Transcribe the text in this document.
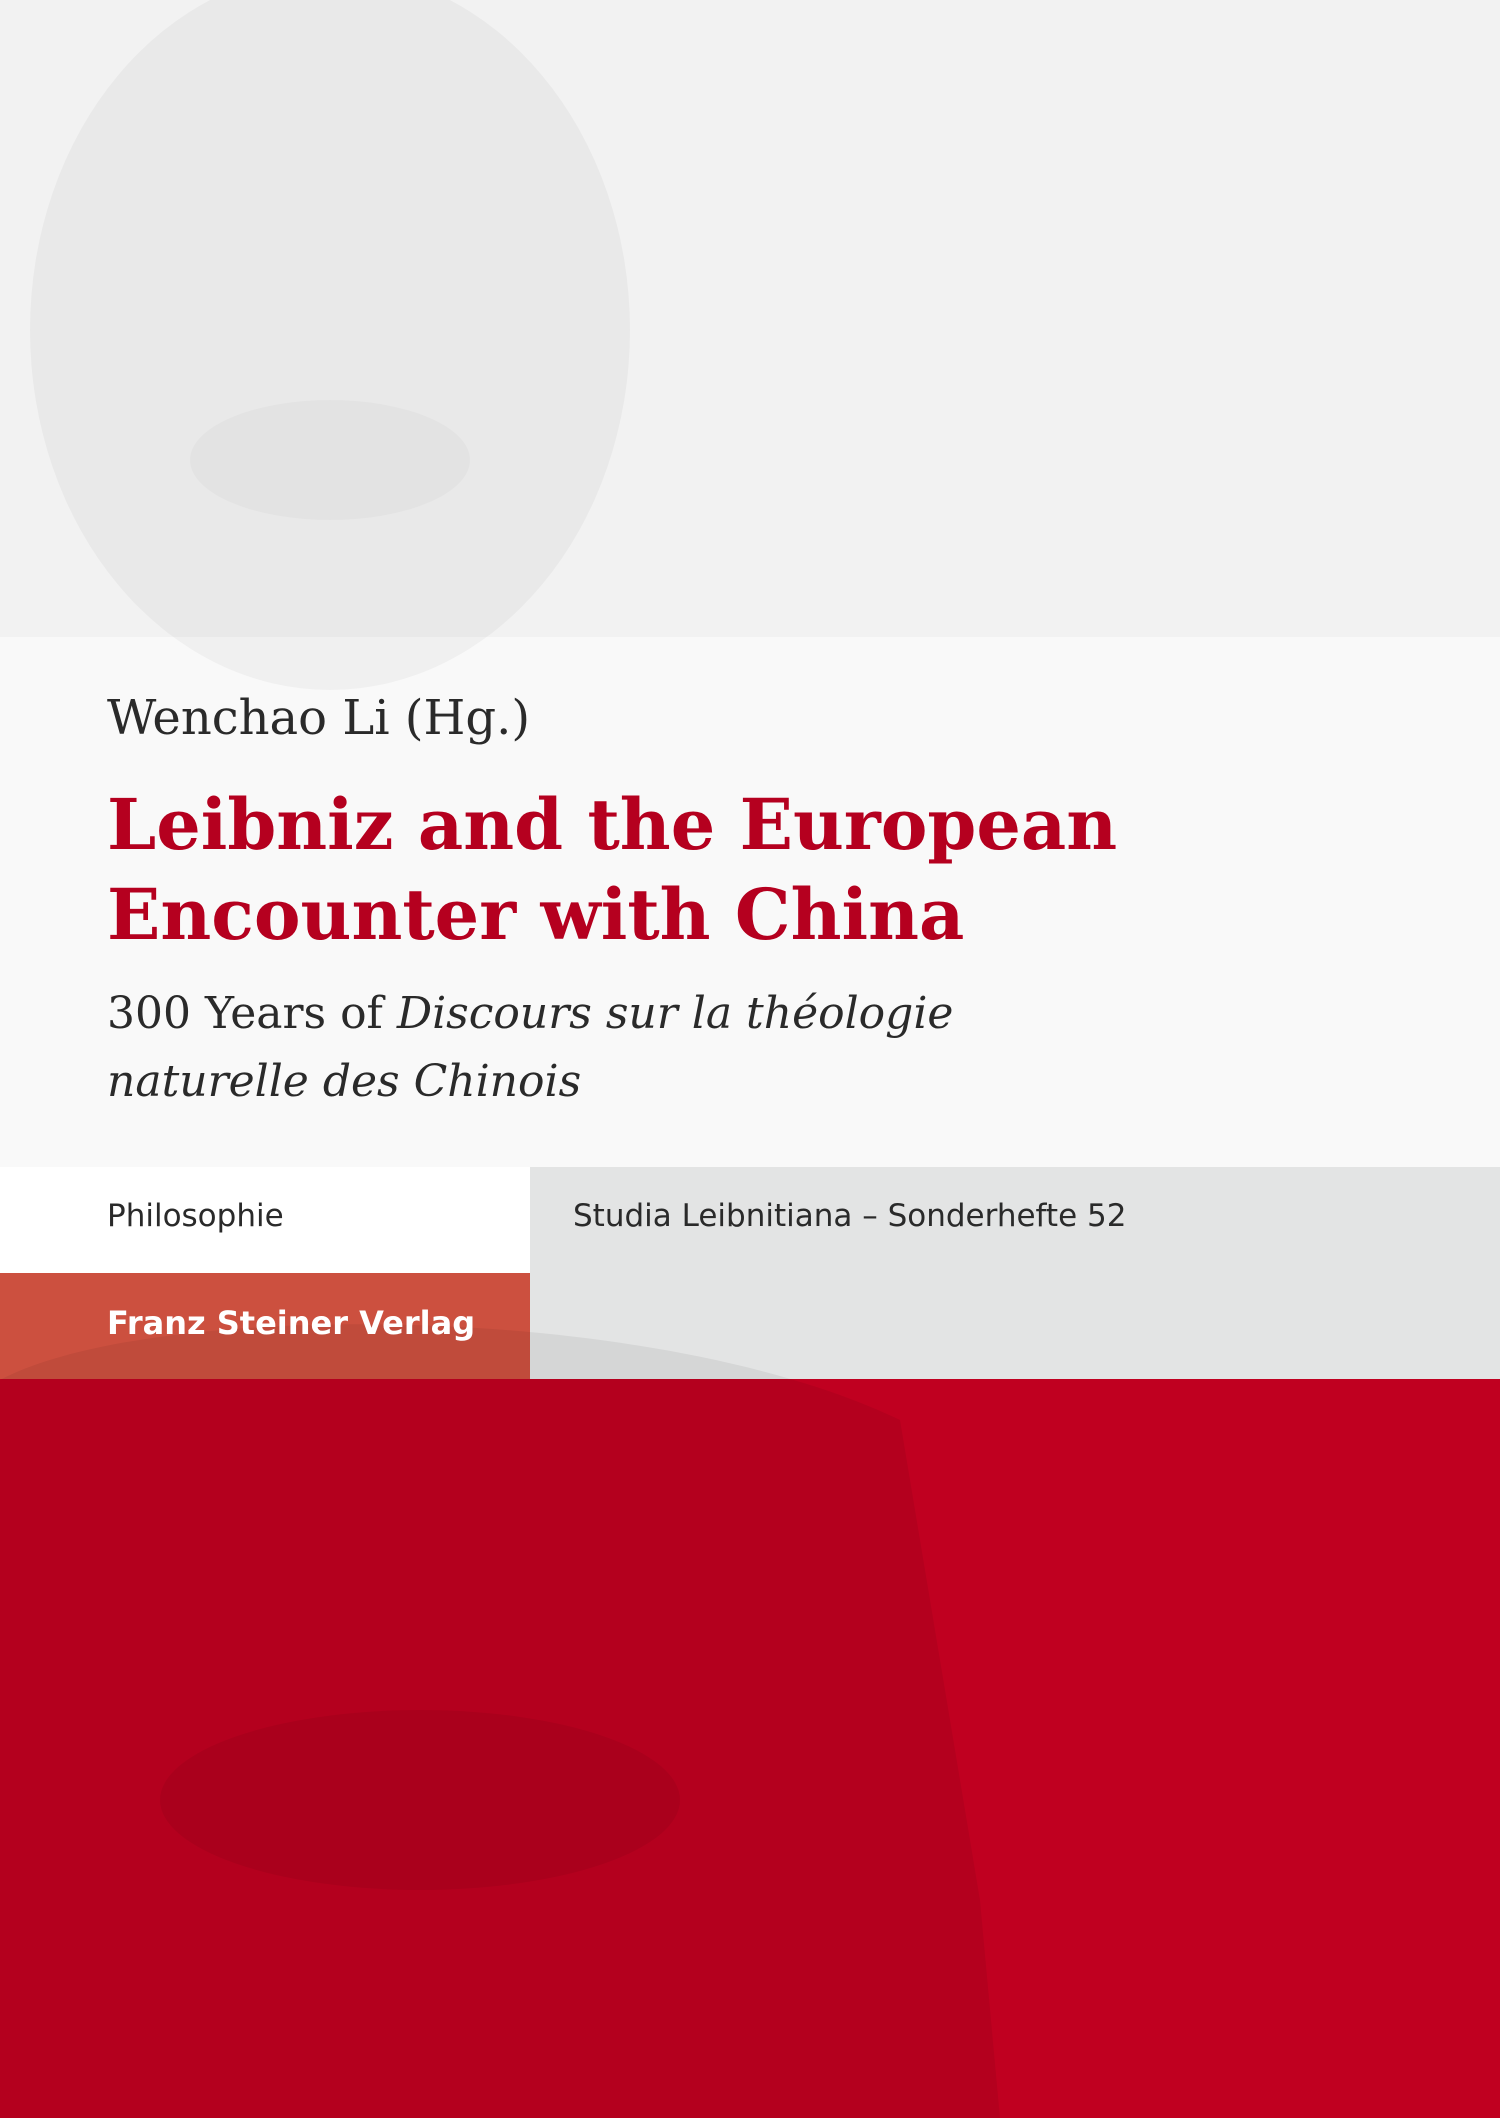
Wenchao Li (Hg.)
Leibniz and the European
Encounter with China
300 Years of Discours sur la théologie
naturelle des Chinois
Philosophie	Studia Leibnitiana – Sonderhefte 52
Franz Steiner Verlag
